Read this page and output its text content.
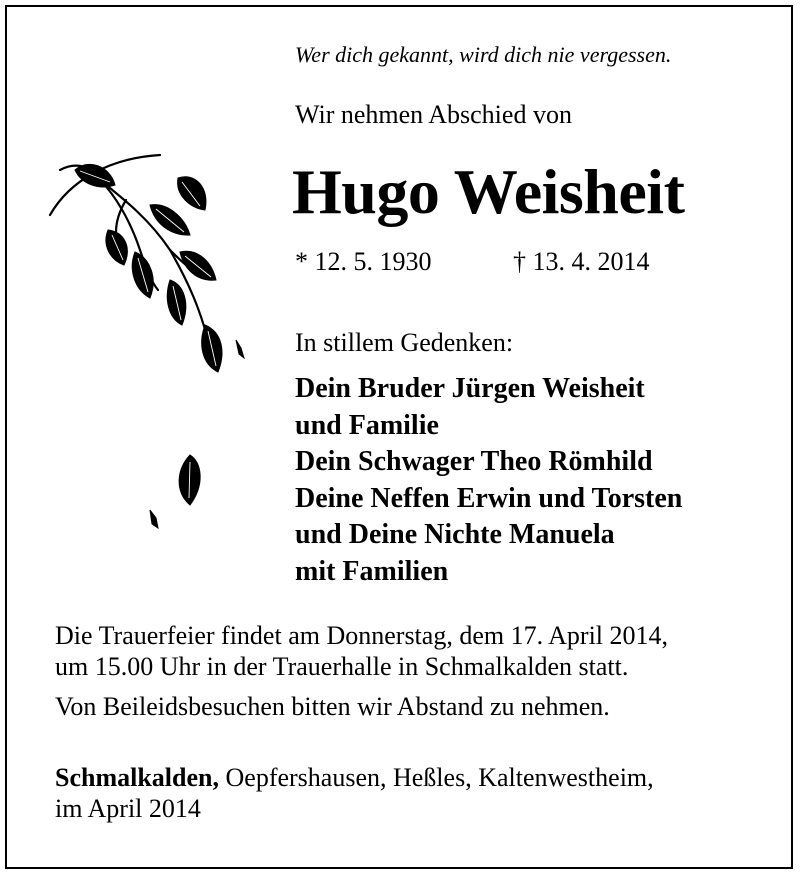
Wer dich gekannt, wird dich nie vergessen.
Wir nehmen Abschied von
Hugo Weisheit
* 12. 5. 1930	† 13. 4. 2014
In stillem Gedenken:
Dein Bruder Jürgen Weisheit
und Familie
Dein Schwager Theo Römhild
Deine Neffen Erwin und Torsten
und Deine Nichte Manuela
mit Familien
Die Trauerfeier findet am Donnerstag, dem 17. April 2014,
um 15.00 Uhr in der Trauerhalle in Schmalkalden statt.
Von Beileidsbesuchen bitten wir Abstand zu nehmen.
Schmalkalden, Oepfershausen, Heßles, Kaltenwestheim,
im April 2014
